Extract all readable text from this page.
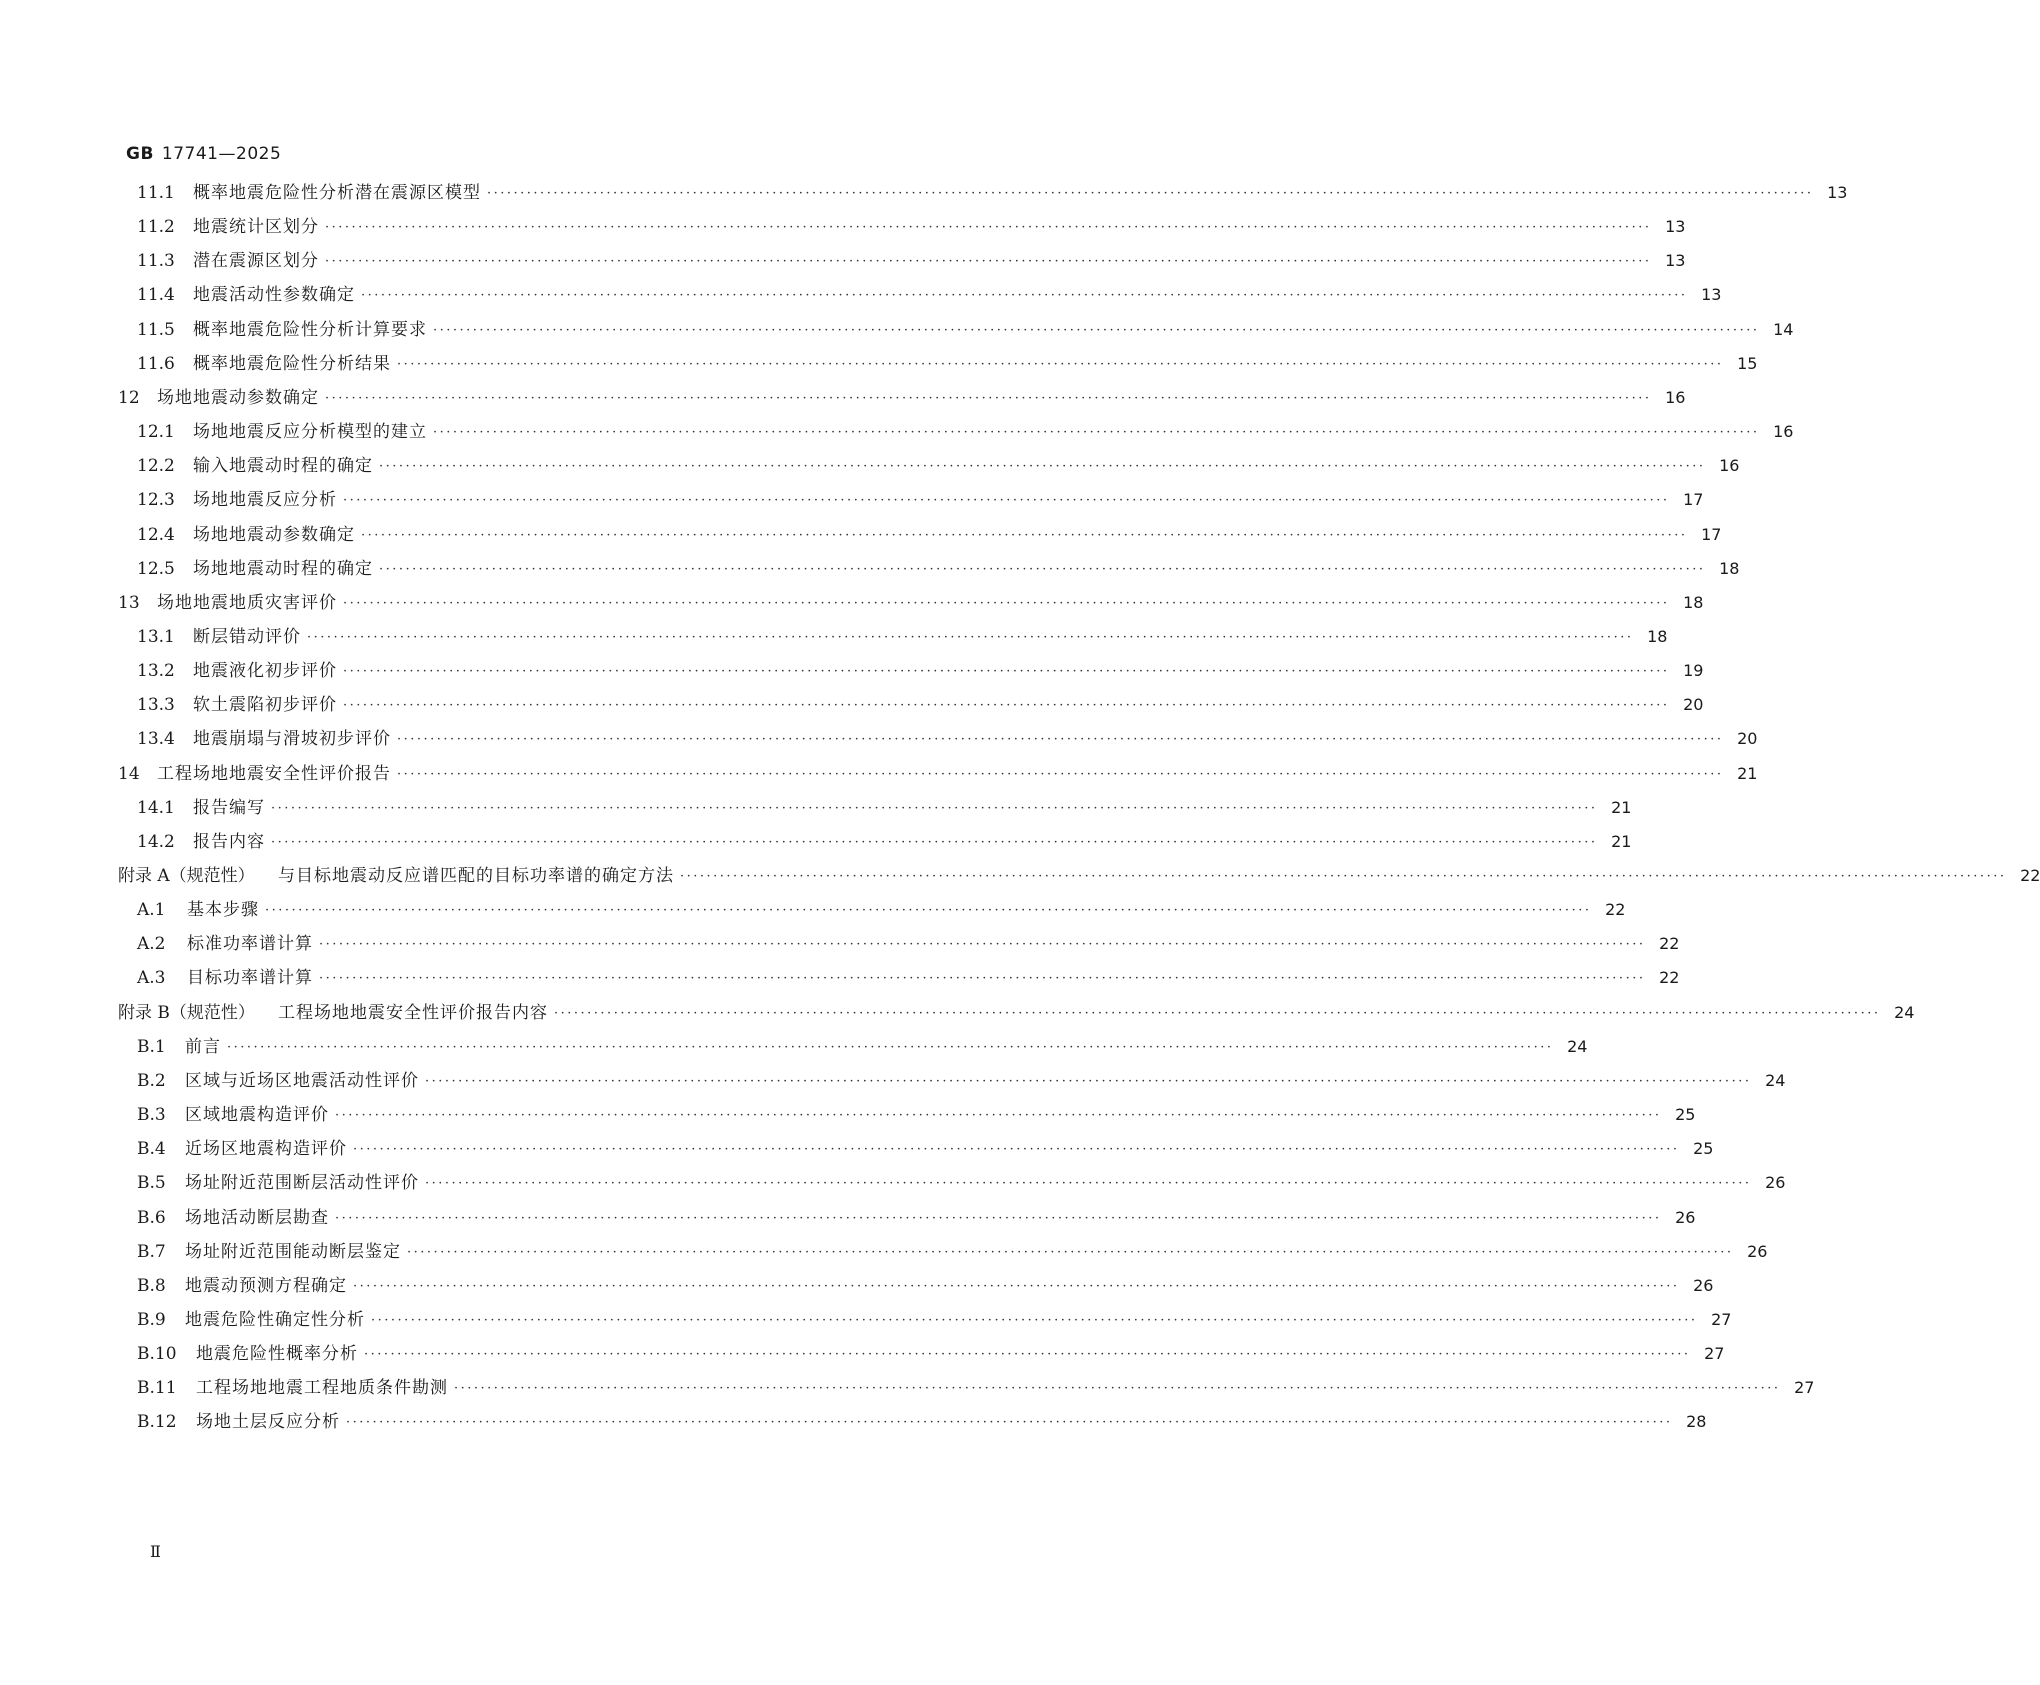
GB 17741—2025
11.1 概率地震危险性分析潜在震源区模型 ········································································································································································································ 13
11.2 地震统计区划分 ········································································································································································································ 13
11.3 潜在震源区划分 ········································································································································································································ 13
11.4 地震活动性参数确定 ········································································································································································································ 13
11.5 概率地震危险性分析计算要求 ········································································································································································································ 14
11.6 概率地震危险性分析结果 ········································································································································································································ 15
12 场地地震动参数确定 ········································································································································································································ 16
12.1 场地地震反应分析模型的建立 ········································································································································································································ 16
12.2 输入地震动时程的确定 ········································································································································································································ 16
12.3 场地地震反应分析 ········································································································································································································ 17
12.4 场地地震动参数确定 ········································································································································································································ 17
12.5 场地地震动时程的确定 ········································································································································································································ 18
13 场地地震地质灾害评价 ········································································································································································································ 18
13.1 断层错动评价 ········································································································································································································ 18
13.2 地震液化初步评价 ········································································································································································································ 19
13.3 软土震陷初步评价 ········································································································································································································ 20
13.4 地震崩塌与滑坡初步评价 ········································································································································································································ 20
14 工程场地地震安全性评价报告 ········································································································································································································ 21
14.1 报告编写 ········································································································································································································ 21
14.2 报告内容 ········································································································································································································ 21
附录 A（规范性） 与目标地震动反应谱匹配的目标功率谱的确定方法 ········································································································································································································ 22
A.1 基本步骤 ········································································································································································································ 22
A.2 标准功率谱计算 ········································································································································································································ 22
A.3 目标功率谱计算 ········································································································································································································ 22
附录 B（规范性） 工程场地地震安全性评价报告内容 ········································································································································································································ 24
B.1 前言 ········································································································································································································ 24
B.2 区域与近场区地震活动性评价 ········································································································································································································ 24
B.3 区域地震构造评价 ········································································································································································································ 25
B.4 近场区地震构造评价 ········································································································································································································ 25
B.5 场址附近范围断层活动性评价 ········································································································································································································ 26
B.6 场地活动断层勘查 ········································································································································································································ 26
B.7 场址附近范围能动断层鉴定 ········································································································································································································ 26
B.8 地震动预测方程确定 ········································································································································································································ 26
B.9 地震危险性确定性分析 ········································································································································································································ 27
B.10 地震危险性概率分析 ········································································································································································································ 27
B.11 工程场地地震工程地质条件勘测 ········································································································································································································ 27
B.12 场地土层反应分析 ········································································································································································································ 28
Ⅱ
